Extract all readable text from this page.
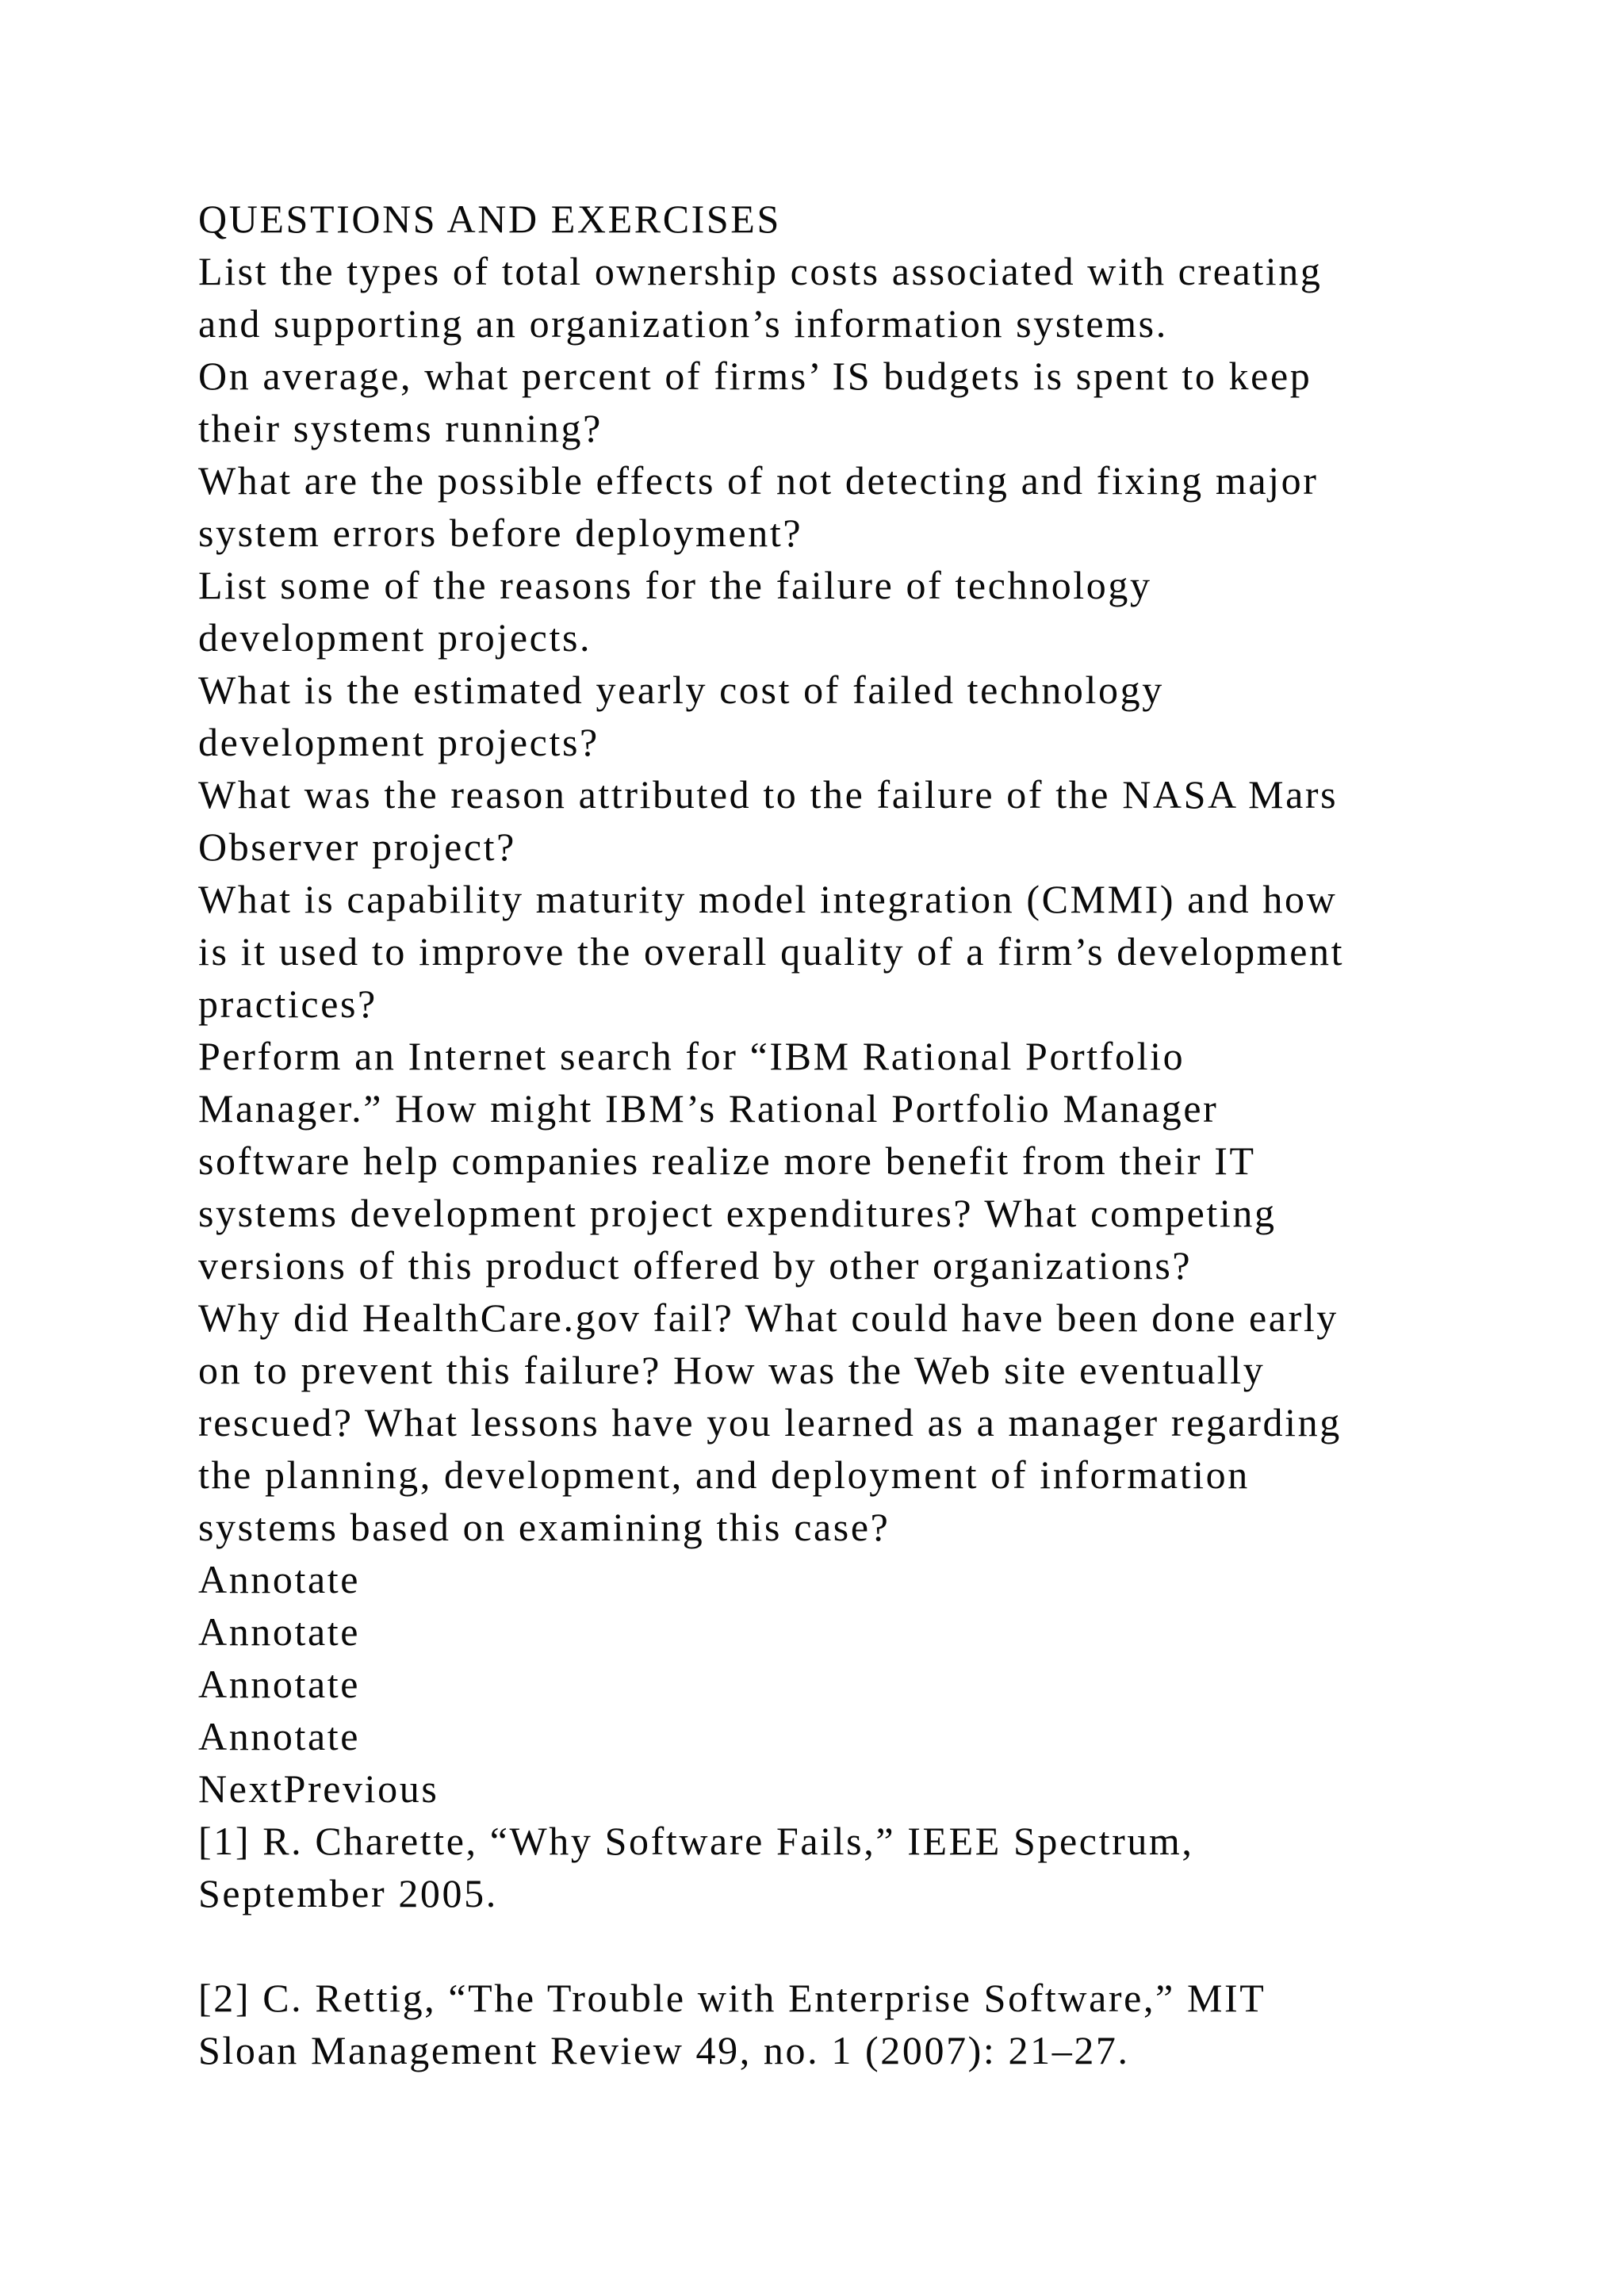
QUESTIONS AND EXERCISES
List the types of total ownership costs associated with creating
and supporting an organization’s information systems.
On average, what percent of firms’ IS budgets is spent to keep
their systems running?
What are the possible effects of not detecting and fixing major
system errors before deployment?
List some of the reasons for the failure of technology
development projects.
What is the estimated yearly cost of failed technology
development projects?
What was the reason attributed to the failure of the NASA Mars
Observer project?
What is capability maturity model integration (CMMI) and how
is it used to improve the overall quality of a firm’s development
practices?
Perform an Internet search for “IBM Rational Portfolio
Manager.” How might IBM’s Rational Portfolio Manager
software help companies realize more benefit from their IT
systems development project expenditures? What competing
versions of this product offered by other organizations?
Why did HealthCare.gov fail? What could have been done early
on to prevent this failure? How was the Web site eventually
rescued? What lessons have you learned as a manager regarding
the planning, development, and deployment of information
systems based on examining this case?
Annotate
Annotate
Annotate
Annotate
NextPrevious
[1] R. Charette, “Why Software Fails,” IEEE Spectrum,
September 2005.
[2] C. Rettig, “The Trouble with Enterprise Software,” MIT
Sloan Management Review 49, no. 1 (2007): 21–27.
